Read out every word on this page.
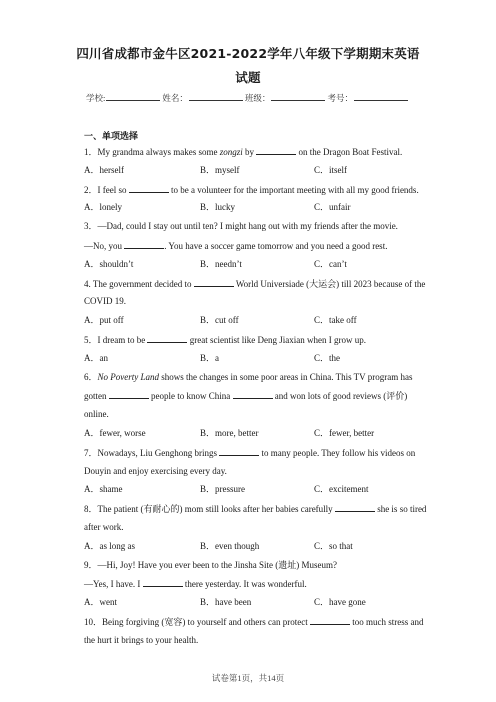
四川省成都市金牛区2021-2022学年八年级下学期期末英语
试题
学校:	姓名：	班级：	考号：
一、单项选择
1．My grandma always makes some zongzi by	on the Dragon Boat Festival.
A．herself	B．myself	C．itself
2．I feel so	to be a volunteer for the important meeting with all my good friends.
A．lonely	B．lucky	C．unfair
3．—Dad, could I stay out until ten? I might hang out with my friends after the movie.
—No, you	. You have a soccer game tomorrow and you need a good rest.
A．shouldn’t	B．needn’t	C．can’t
4. The government decided to	World Universiade (大运会) till 2023 because of the
COVID 19.
A．put off	B．cut off	C．take off
5．I dream to be	great scientist like Deng Jiaxian when I grow up.
A．an	B．a	C．the
6．No Poverty Land shows the changes in some poor areas in China. This TV program has
gotten	people to know China	and won lots of good reviews (评价)
online.
A．fewer, worse	B．more, better	C．fewer, better
7．Nowadays, Liu Genghong brings	to many people. They follow his videos on
Douyin and enjoy exercising every day.
A．shame	B．pressure	C．excitement
8．The patient (有耐心的) mom still looks after her babies carefully	she is so tired
after work.
A．as long as	B．even though	C．so that
9．—Hi, Joy! Have you ever been to the Jinsha Site (遗址) Museum?
—Yes, I have. I	there yesterday. It was wonderful.
A．went	B．have been	C．have gone
10．Being forgiving (宽容) to yourself and others can protect	too much stress and
the hurt it brings to your health.
试卷第1页，共14页
